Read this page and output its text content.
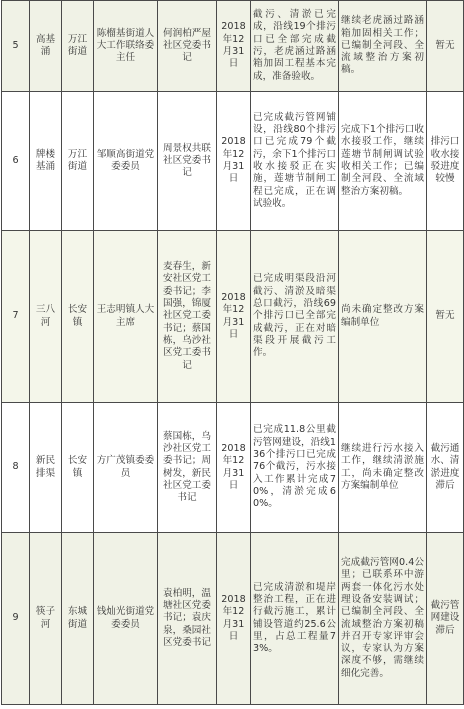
5	高基涌	万江街道	陈榴基街道人大工作联络委主任	何润柏严屋社区党委书记	2018年12月31日	截污、清淤已完成，沿线19个排污口已全部完成截污，老虎涵过路涵箱加固工程基本完成，准备验收。	继续老虎涵过路涵箱加固相关工作；已编制全河段、全流域整治方案初稿。	暂无
6	牌楼基涌	万江街道	邹顺高街道党委委员	周景权共联社区党委书记	2018年12月31日	已完成截污管网铺设，沿线80个排污口已完成79个截污，余下1个排污口收水接驳正在实施，莲塘节制闸工程已完成，正在调试验收。	完成下1个排污口收水接驳工作，继续莲塘节制闸调试验收相关工作；已编制全河段、全流域整治方案初稿。	排污口收水接驳进度较慢
7	三八河	长安镇	王志明镇人大主席	麦春生，新安社区党工委书记；李国强，锦厦社区党工委书记；蔡国栋，乌沙社区党工委书记	2018年12月31日	已完成明渠段沿河截污、清淤及暗渠总口截污，沿线69个排污口已全部完成截污，正在对暗渠段开展截污工作。	尚未确定整改方案编制单位	暂无
8	新民排渠	长安镇	方广茂镇委委员	蔡国栋，乌沙社区党工委书记；周树发，新民社区党工委书记	2018年12月31日	已完成11.8公里截污管网建设，沿线136个排污口已完成76个截污，污水接入工作累计完成70%，清淤完成60%。	继续进行污水接入工作，继续清淤施工，尚未确定整改方案编制单位	截污通水、清淤进度滞后
9	筷子河	东城街道	钱灿光街道党委委员	袁柏明，温塘社区党委书记；袁庆泉，桑园社区党委书记	2018年12月31日	已完成清淤和堤岸整治工程，正在进行截污施工，累计铺设管道约25.6公里，占总工程量73%。	完成截污管网0.4公里；已联系环中游两套一体化污水处理设备安装调试；已编制全河段、全流域整治方案初稿并召开专家评审会议，专家认为方案深度不够，需继续细化完善。	截污管网建设滞后
